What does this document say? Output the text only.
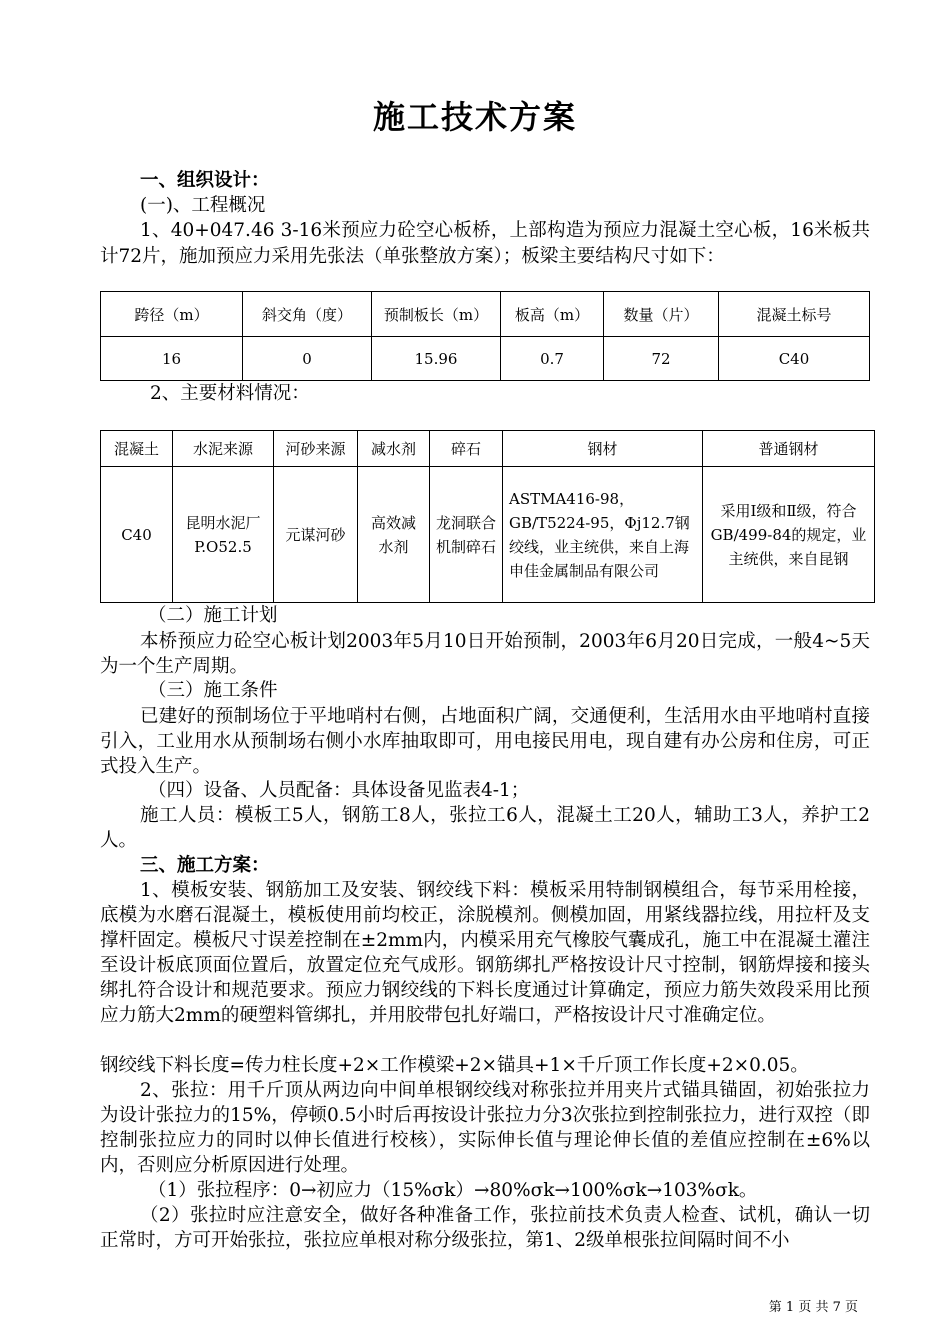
施工技术方案
一、组织设计：
(一)、工程概况
1、40+047.46 3-16米预应力砼空心板桥，上部构造为预应力混凝土空心板，16米板共计72片，施加预应力采用先张法（单张整放方案）；板梁主要结构尺寸如下：
跨径（m）	斜交角（度）	预制板长（m）	板高（m）	数量（片）	混凝土标号
16	0	15.96	0.7	72	C40
2、主要材料情况：
混凝土	水泥来源	河砂来源	减水剂	碎石	钢材	普通钢材
C40	昆明水泥厂P.O52.5	元谋河砂	高效减水剂	龙洞联合机制碎石	ASTMA416-98，GB/T5224-95，Φj12.7钢绞线，业主统供，来自上海申佳金属制品有限公司	采用Ⅰ级和Ⅱ级，符合GB/499-84的规定，业主统供，来自昆钢
（二）施工计划
本桥预应力砼空心板计划2003年5月10日开始预制，2003年6月20日完成，一般4~5天为一个生产周期。
（三）施工条件
已建好的预制场位于平地哨村右侧，占地面积广阔，交通便利，生活用水由平地哨村直接引入，工业用水从预制场右侧小水库抽取即可，用电接民用电，现自建有办公房和住房，可正式投入生产。
（四）设备、人员配备：具体设备见监表4-1；
施工人员：模板工5人，钢筋工8人，张拉工6人，混凝土工20人，辅助工3人，养护工2人。
三、施工方案：
1、模板安装、钢筋加工及安装、钢绞线下料：模板采用特制钢模组合，每节采用栓接，底模为水磨石混凝土，模板使用前均校正，涂脱模剂。侧模加固，用紧线器拉线，用拉杆及支撑杆固定。模板尺寸误差控制在±2mm内，内模采用充气橡胶气囊成孔，施工中在混凝土灌注至设计板底顶面位置后，放置定位充气成形。钢筋绑扎严格按设计尺寸控制，钢筋焊接和接头绑扎符合设计和规范要求。预应力钢绞线的下料长度通过计算确定，预应力筋失效段采用比预应力筋大2mm的硬塑料管绑扎，并用胶带包扎好端口，严格按设计尺寸准确定位。
钢绞线下料长度=传力柱长度+2×工作模梁+2×锚具+1×千斤顶工作长度+2×0.05。
2、张拉：用千斤顶从两边向中间单根钢绞线对称张拉并用夹片式锚具锚固，初始张拉力为设计张拉力的15%，停顿0.5小时后再按设计张拉力分3次张拉到控制张拉力，进行双控（即控制张拉应力的同时以伸长值进行校核），实际伸长值与理论伸长值的差值应控制在±6%以内，否则应分析原因进行处理。
（1）张拉程序：0→初应力（15%σk）→80%σk→100%σk→103%σk。
（2）张拉时应注意安全，做好各种准备工作，张拉前技术负责人检查、试机，确认一切正常时，方可开始张拉，张拉应单根对称分级张拉，第1、2级单根张拉间隔时间不小
第 1 页 共 7 页
